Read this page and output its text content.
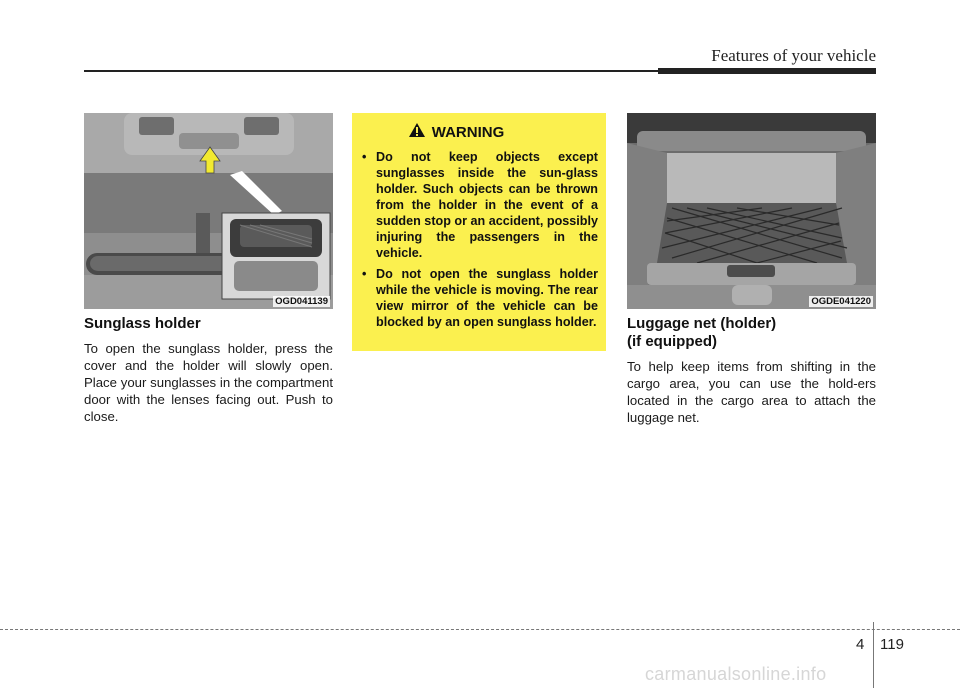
Features of your vehicle
OGD041139
Sunglass holder
To open the sunglass holder, press the cover and the holder will slowly open. Place your sunglasses in the compartment door with the lenses facing out. Push to close.
WARNING
• Do not keep objects except sunglasses inside the sun-glass holder. Such objects can be thrown from the holder in the event of a sudden stop or an accident, possibly injuring the passengers in the vehicle.
• Do not open the sunglass holder while the vehicle is moving. The rear view mirror of the vehicle can be blocked by an open sunglass holder.
OGDE041220
Luggage net (holder)
(if equipped)
To help keep items from shifting in the cargo area, you can use the hold-ers located in the cargo area to attach the luggage net.
4 119
carmanualsonline.info
